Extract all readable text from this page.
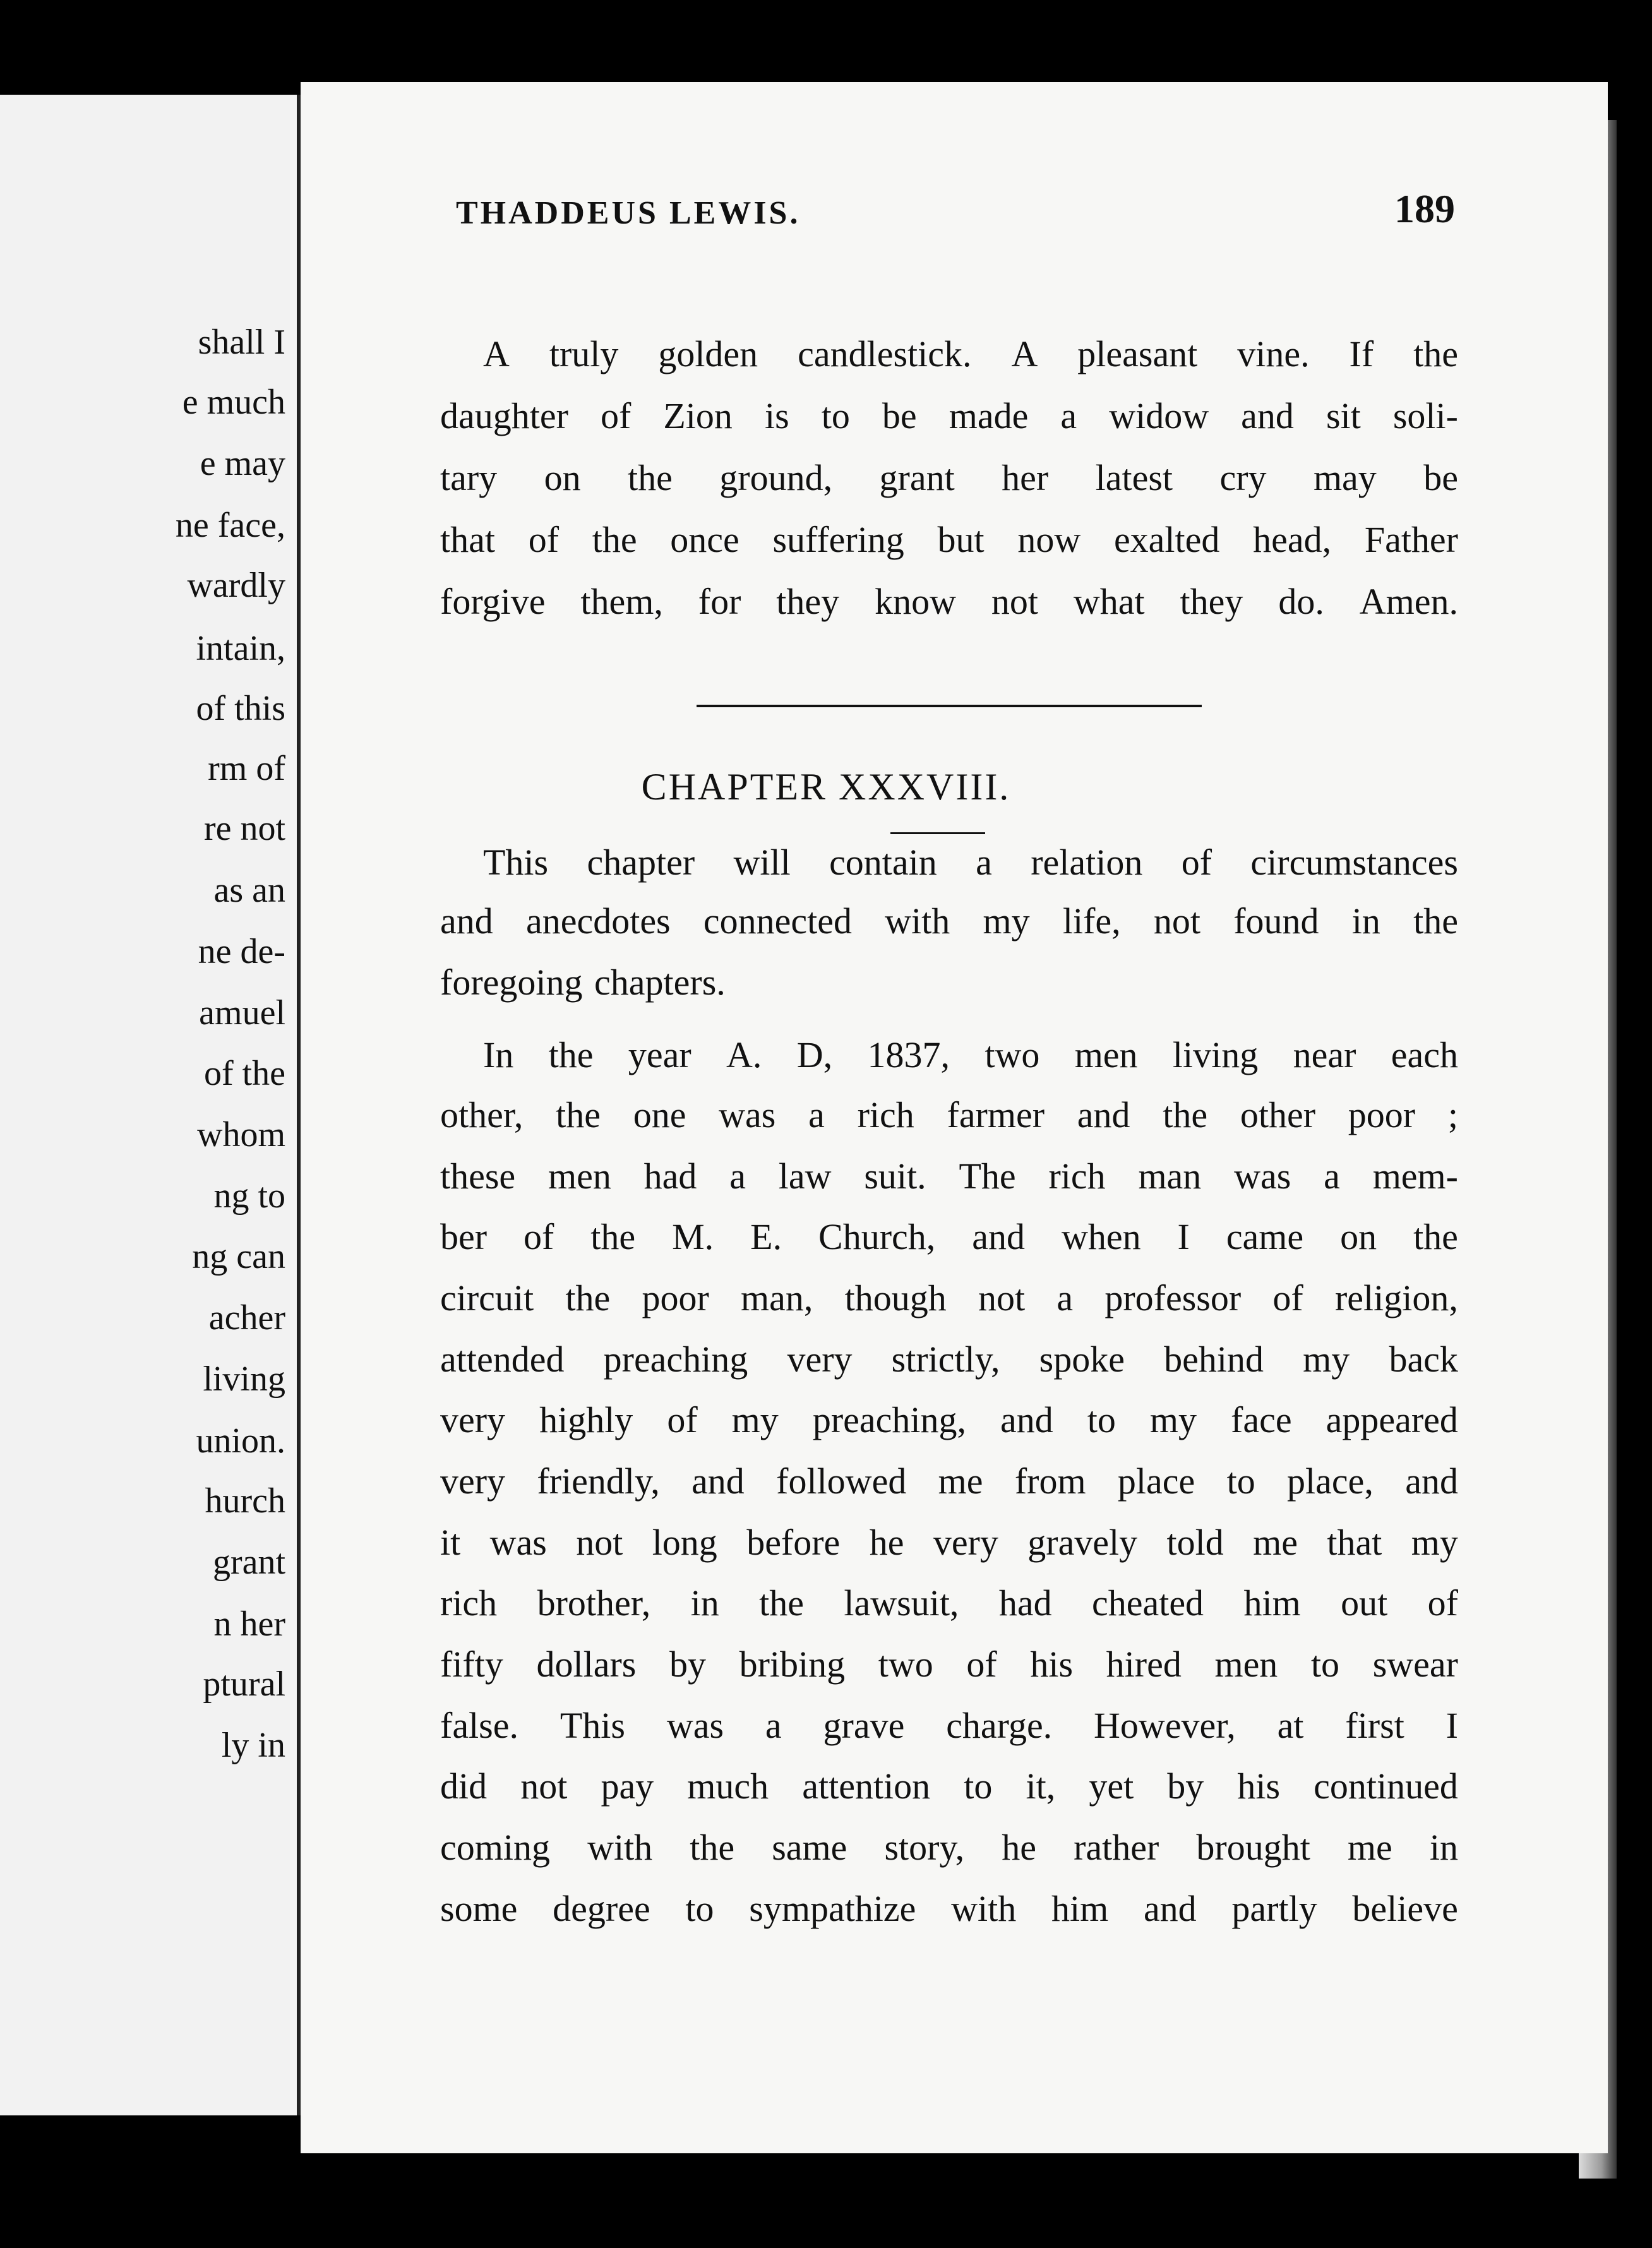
shall I
e much
e may
ne face,
wardly
intain,
of this
rm of
re not
as an
ne de-
amuel
of the
whom
ng to
ng can
acher
living
union.
hurch
grant
n her
ptural
ly in
THADDEUS LEWIS.	189
A truly golden candlestick. A pleasant vine. If the
daughter of Zion is to be made a widow and sit soli-
tary on the ground, grant her latest cry may be
that of the once suffering but now exalted head, Father
forgive them, for they know not what they do. Amen.
CHAPTER XXXVIII.
This chapter will contain a relation of circumstances
and anecdotes connected with my life, not found in the
foregoing chapters.
In the year A. D, 1837, two men living near each
other, the one was a rich farmer and the other poor ;
these men had a law suit. The rich man was a mem-
ber of the M. E. Church, and when I came on the
circuit the poor man, though not a professor of religion,
attended preaching very strictly, spoke behind my back
very highly of my preaching, and to my face appeared
very friendly, and followed me from place to place, and
it was not long before he very gravely told me that my
rich brother, in the lawsuit, had cheated him out of
fifty dollars by bribing two of his hired men to swear
false. This was a grave charge. However, at first I
did not pay much attention to it, yet by his continued
coming with the same story, he rather brought me in
some degree to sympathize with him and partly believe
